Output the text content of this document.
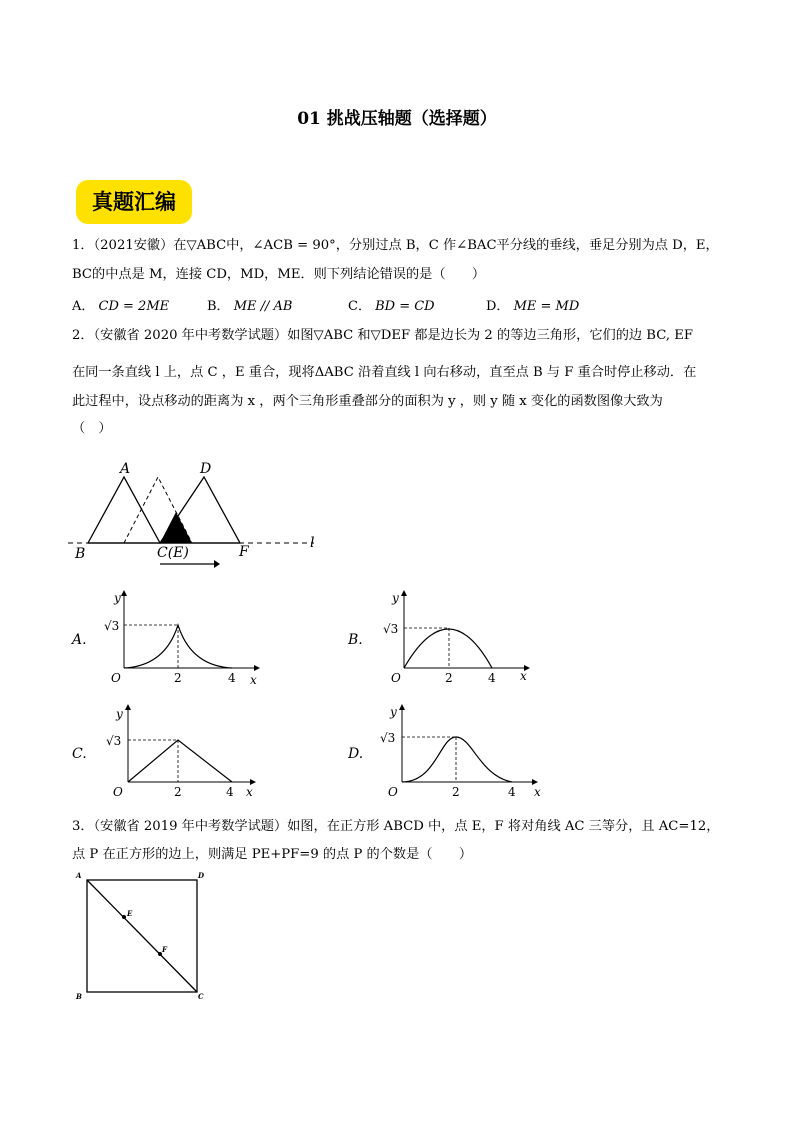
01 挑战压轴题（选择题）
真题汇编
1．（2021安徽）在▽ABC中，∠ACB = 90°，分别过点 B，C 作∠BAC平分线的垂线，垂足分别为点 D，E，
BC的中点是 M，连接 CD，MD，ME．则下列结论错误的是（　　）
A． CD = 2ME	B． ME // AB	C． BD = CD	D． ME = MD
2．（安徽省 2020 年中考数学试题）如图▽ABC 和▽DEF 都是边长为 2 的等边三角形，它们的边 BC, EF
在同一条直线 l 上，点 C ，E 重合，现将ΔABC 沿着直线 l 向右移动，直至点 B 与 F 重合时停止移动．在
此过程中，设点移动的距离为 x ，两个三角形重叠部分的面积为 y ，则 y 随 x 变化的函数图像大致为
（　）
A	D
B	C(E)	F
l
A.
y
x
O
√3
2	4
B.
y
x
O
√3
2	4
C.
y
x
O
√3
2	4
D.
y
x
O
√3
2	4
3．（安徽省 2019 年中考数学试题）如图，在正方形 ABCD 中，点 E，F 将对角线 AC 三等分，且 AC=12，
点 P 在正方形的边上，则满足 PE+PF=9 的点 P 的个数是（　　）
A	D
B	C
E
F
